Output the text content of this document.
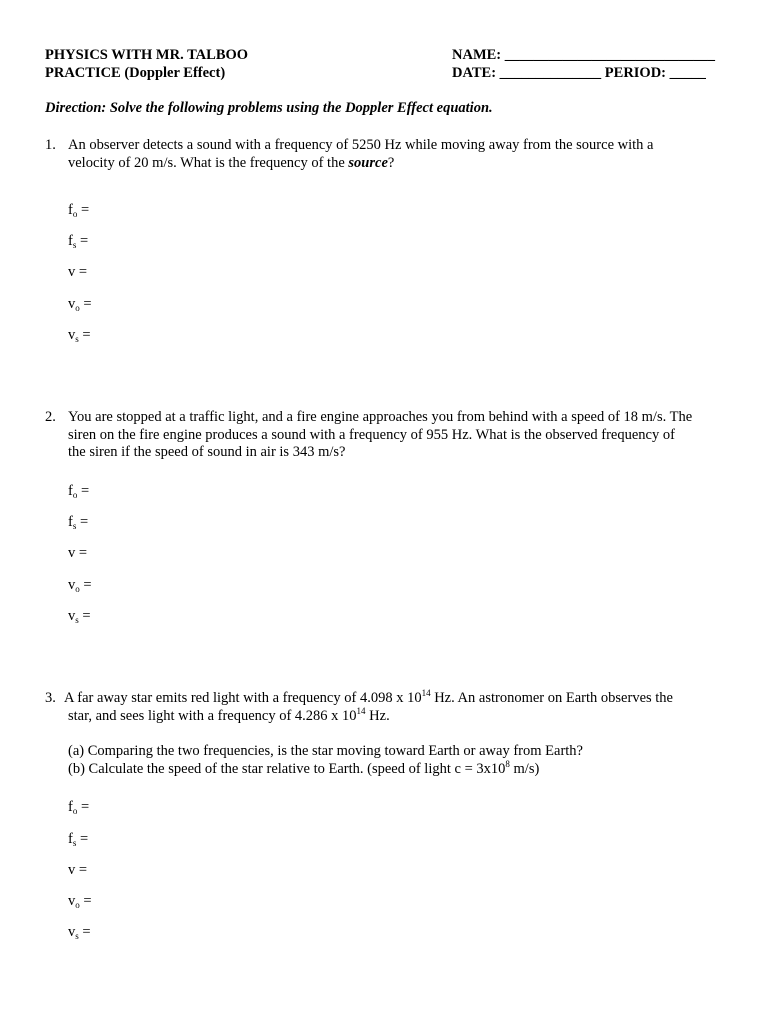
PHYSICS WITH MR. TALBOO
PRACTICE (Doppler Effect)
NAME: _____________________________
DATE: ______________ PERIOD: _____
Direction: Solve the following problems using the Doppler Effect equation.
1. An observer detects a sound with a frequency of 5250 Hz while moving away from the source with a
velocity of 20 m/s. What is the frequency of the source?
$f_o$ =
$f_s$ =
v =
$v_o$ =
$v_s$ =
2. You are stopped at a traffic light, and a fire engine approaches you from behind with a speed of 18 m/s. The
siren on the fire engine produces a sound with a frequency of 955 Hz. What is the observed frequency of
the siren if the speed of sound in air is 343 m/s?
$f_o$ =
$f_s$ =
v =
$v_o$ =
$v_s$ =
3. A far away star emits red light with a frequency of 4.098 x $10^{14}$ Hz. An astronomer on Earth observes the
star, and sees light with a frequency of 4.286 x $10^{14}$ Hz.
(a) Comparing the two frequencies, is the star moving toward Earth or away from Earth?
(b) Calculate the speed of the star relative to Earth. (speed of light $c = 3x10^8$ m/s)
$f_o$ =
$f_s$ =
v =
$v_o$ =
$v_s$ =
